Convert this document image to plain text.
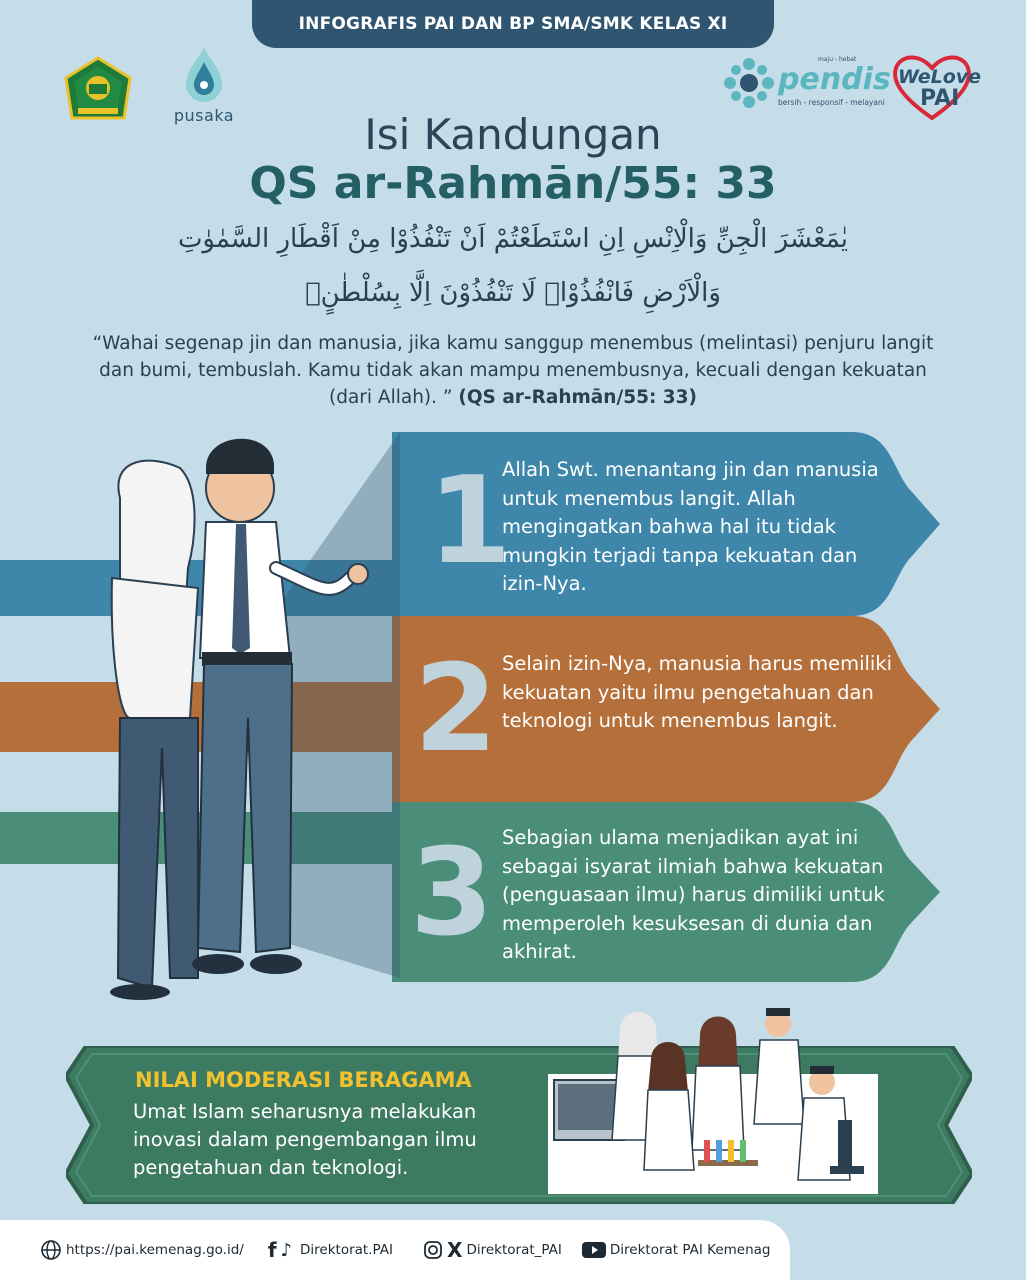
INFOGRAFIS PAI DAN BP SMA/SMK KELAS XI
pusaka
maju - hebat
pendis
bersih - responsif - melayani
WeLove
PAI
Isi Kandungan
QS ar-Rahmān/55: 33
يٰمَعْشَرَ الْجِنِّ وَالْاِنْسِ اِنِ اسْتَطَعْتُمْ اَنْ تَنْفُذُوْا مِنْ اَقْطَارِ السَّمٰوٰتِ
وَالْاَرْضِ فَانْفُذُوْاۗ لَا تَنْفُذُوْنَ اِلَّا بِسُلْطٰنٍۚ
“Wahai segenap jin dan manusia, jika kamu sanggup menembus (melintasi) penjuru langit dan bumi, tembuslah. Kamu tidak akan mampu menembusnya, kecuali dengan kekuatan (dari Allah). ” (QS ar-Rahmān/55: 33)
1
Allah Swt. menantang jin dan manusia untuk menembus langit. Allah mengingatkan bahwa hal itu tidak mungkin terjadi tanpa kekuatan dan izin-Nya.
2 Selain izin-Nya, manusia harus memiliki kekuatan yaitu ilmu pengetahuan dan teknologi untuk menembus langit.
3 Sebagian ulama menjadikan ayat ini sebagai isyarat ilmiah bahwa kekuatan (penguasaan ilmu) harus dimiliki untuk memperoleh kesuksesan di dunia dan akhirat.
NILAI MODERASI BERAGAMA
Umat Islam seharusnya melakukan inovasi dalam pengembangan ilmu pengetahuan dan teknologi.
https://pai.kemenag.go.id/ f ♪ Direktorat.PAI	X Direktorat_PAI	Direktorat PAI Kemenag
